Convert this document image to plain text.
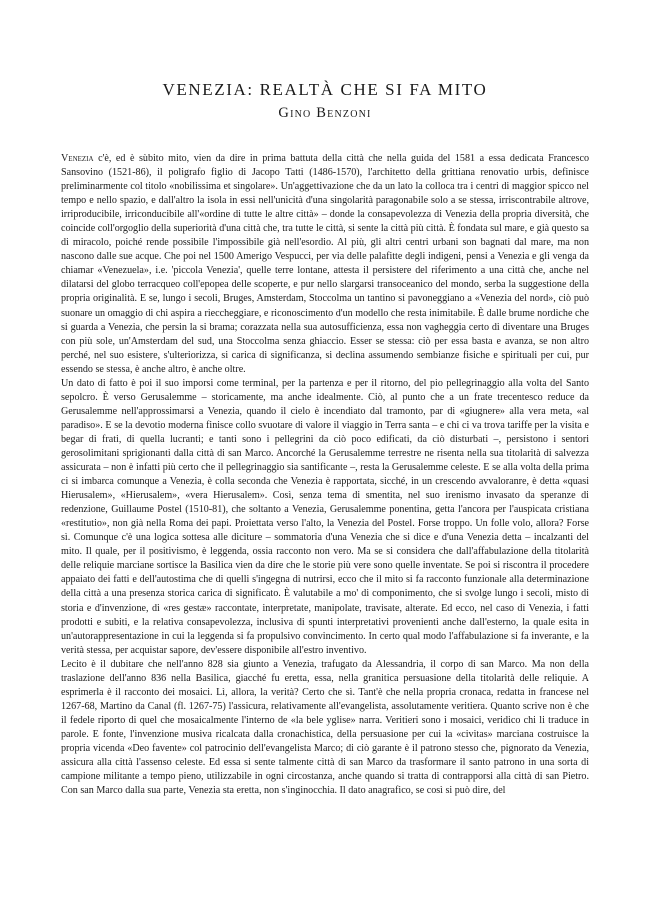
VENEZIA: REALTÀ CHE SI FA MITO
Gino Benzoni

Venezia c'è, ed è sùbito mito, vien da dire in prima battuta della città che nella guida del 1581 a essa dedicata Francesco Sansovino (1521-86), il poligrafo figlio di Jacopo Tatti (1486-1570), l'architetto della grittiana renovatio urbis, definisce preliminarmente col titolo «nobilissima et singolare». Un'aggettivazione che da un lato la colloca tra i centri di maggior spicco nel tempo e nello spazio, e dall'altro la isola in essi nell'unicità d'una singolarità paragonabile solo a se stessa, irriscontrabile altrove, irriproducibile, irriconducibile all'«ordine di tutte le altre città» – donde la consapevolezza di Venezia della propria diversità, che coincide coll'orgoglio della superiorità d'una città che, tra tutte le città, si sente la città più città. È fondata sul mare, e già questo sa di miracolo, poiché rende possibile l'impossibile già nell'esordio. Al più, gli altri centri urbani son bagnati dal mare, ma non nascono dalle sue acque. Che poi nel 1500 Amerigo Vespucci, per via delle palafitte degli indigeni, pensi a Venezia e gli venga da chiamar «Venezuela», i.e. 'piccola Venezia', quelle terre lontane, attesta il persistere del riferimento a una città che, anche nel dilatarsi del globo terracqueo coll'epopea delle scoperte, e pur nello slargarsi transoceanico del mondo, serba la suggestione della propria originalità. E se, lungo i secoli, Bruges, Amsterdam, Stoccolma un tantino si pavoneggiano a «Venezia del nord», ciò può suonare un omaggio di chi aspira a rieccheggiare, e riconoscimento d'un modello che resta inimitabile. È dalle brume nordiche che si guarda a Venezia, che persin la si brama; corazzata nella sua autosufficienza, essa non vagheggia certo di diventare una Bruges con più sole, un'Amsterdam del sud, una Stoccolma senza ghiaccio. Esser se stessa: ciò per essa basta e avanza, se non altro perché, nel suo esistere, s'ulteriorizza, si carica di significanza, si declina assumendo sembianze fisiche e spirituali per cui, pur essendo se stessa, è anche altro, è anche oltre.

Un dato di fatto è poi il suo imporsi come terminal, per la partenza e per il ritorno, del pio pellegrinaggio alla volta del Santo sepolcro. È verso Gerusalemme – storicamente, ma anche idealmente. Ciò, al punto che a un frate trecentesco reduce da Gerusalemme nell'approssimarsi a Venezia, quando il cielo è incendiato dal tramonto, par di «giugnere» alla vera meta, «al paradiso». E se la devotio moderna finisce collo svuotare di valore il viaggio in Terra santa – e chi ci va trova tariffe per la visita e begar di frati, di quella lucranti; e tanti sono i pellegrini da ciò poco edificati, da ciò disturbati –, persistono i sentori gerosolimitani sprigionanti dalla città di san Marco. Ancorché la Gerusalemme terrestre ne risenta nella sua titolarità di salvezza assicurata – non è infatti più certo che il pellegrinaggio sia santificante –, resta la Gerusalemme celeste. E se alla volta della prima ci si imbarca comunque a Venezia, è colla seconda che Venezia è rapportata, sicché, in un crescendo avvaloranre, è detta «quasi Hierusalem», «Hierusalem», «vera Hierusalem». Così, senza tema di smentita, nel suo irenismo invasato da speranze di redenzione, Guillaume Postel (1510-81), che soltanto a Venezia, Gerusalemme ponentina, getta l'ancora per l'auspicata cristiana «restitutio», non già nella Roma dei papi. Proiettata verso l'alto, la Venezia del Postel. Forse troppo. Un folle volo, allora? Forse sì. Comunque c'è una logica sottesa alle diciture – sommatoria d'una Venezia che si dice e d'una Venezia detta – incalzanti del mito. Il quale, per il positivismo, è leggenda, ossia racconto non vero. Ma se si considera che dall'affabulazione della titolarità delle reliquie marciane sortisce la Basilica vien da dire che le storie più vere sono quelle inventate. Se poi si riscontra il procedere appaiato dei fatti e dell'autostima che di quelli s'ingegna di nutrirsi, ecco che il mito si fa racconto funzionale alla determinazione della città a una presenza storica carica di significato. È valutabile a mo' di componimento, che si svolge lungo i secoli, misto di storia e d'invenzione, di «res gestæ» raccontate, interpretate, manipolate, travisate, alterate. Ed ecco, nel caso di Venezia, i fatti prodotti e subiti, e la relativa consapevolezza, inclusiva di spunti interpretativi provenienti anche dall'esterno, la quale esita in un'autorappresentazione in cui la leggenda si fa propulsivo convincimento. In certo qual modo l'affabulazione si fa inverante, e la verità stessa, per acquistar sapore, dev'essere disponibile all'estro inventivo.

Lecito è il dubitare che nell'anno 828 sia giunto a Venezia, trafugato da Alessandria, il corpo di san Marco. Ma non della traslazione dell'anno 836 nella Basilica, giacché fu eretta, essa, nella granitica persuasione della titolarità delle reliquie. A esprimerla è il racconto dei mosaici. Lì, allora, la verità? Certo che sì. Tant'è che nella propria cronaca, redatta in francese nel 1267-68, Martino da Canal (fl. 1267-75) l'assicura, relativamente all'evangelista, assolutamente veritiera. Quanto scrive non è che il fedele riporto di quel che mosaicalmente l'interno de «la bele yglise» narra. Veritieri sono i mosaici, veridico chi li traduce in parole. E fonte, l'invenzione musiva ricalcata dalla cronachistica, della persuasione per cui la «civitas» marciana costruisce la propria vicenda «Deo favente» col patrocinio dell'evangelista Marco; di ciò garante è il patrono stesso che, pignorato da Venezia, assicura alla città l'assenso celeste. Ed essa si sente talmente città di san Marco da trasformare il santo patrono in una sorta di campione militante a tempo pieno, utilizzabile in ogni circostanza, anche quando si tratta di contrapporsi alla città di san Pietro. Con san Marco dalla sua parte, Venezia sta eretta, non s'inginocchia. Il dato anagrafico, se così si può dire, del
